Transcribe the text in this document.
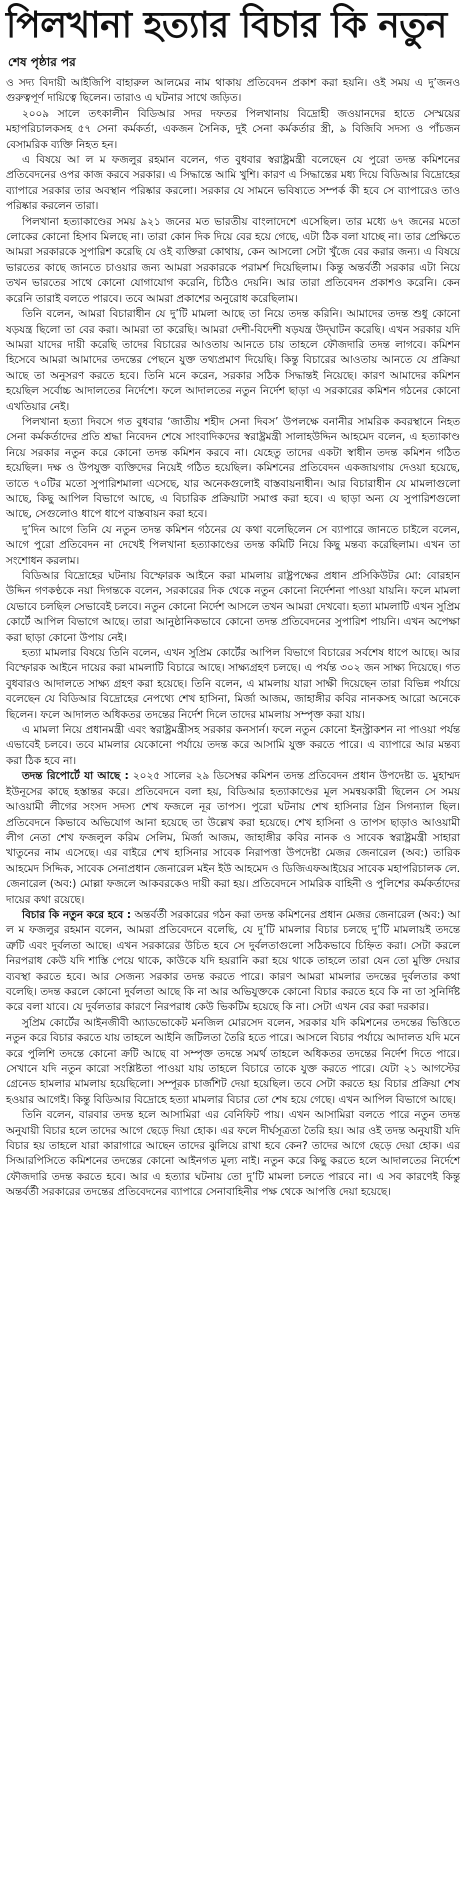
পিলখানা হত্যার বিচার কি নতুন
শেষ পৃষ্ঠার পর

ও সদ্য বিদায়ী আইজিপি বাহারুল আলমের নাম থাকায় প্রতিবেদন প্রকাশ করা হয়নি। ওই সময় এ দু’জনও গুরুত্বপূর্ণ দায়িত্বে ছিলেন। তারাও এ ঘটনার সাথে জড়িত।

২০০৯ সালে তৎকালীন বিডিআর সদর দফতর পিলখানায় বিদ্রোহী জওয়ানদের হাতে সেস্ময়ের মহাপরিচালকসহ ৫৭ সেনা কর্মকর্তা, একজন সৈনিক, দুই সেনা কর্মকর্তার স্ত্রী, ৯ বিজিবি সদস্য ও পাঁচজন বেসামরিক ব্যক্তি নিহত হন।

এ বিষয়ে আ ল ম ফজলুর রহমান বলেন, গত বুধবার স্বরাষ্ট্রমন্ত্রী বলেছেন যে পুরো তদন্ত কমিশনের প্রতিবেদনের ওপর কাজ করবে সরকার। এ সিদ্ধান্তে আমি খুশি। কারণ এ সিদ্ধান্তের মধ্য দিয়ে বিডিআর বিদ্রোহের ব্যাপারে সরকার তার অবস্থান পরিষ্কার করলো। সরকার যে সামনে ভবিষ্যতে সম্পর্ক কী হবে সে ব্যাপারেও তাও পরিষ্কার করলেন তারা।

পিলখানা হত্যাকাণ্ডের সময় ৯২১ জনের মত ভারতীয় বাংলাদেশে এসেছিল। তার মধ্যে ৬৭ জনের মতো লোকের কোনো হিসাব মিলছে না। তারা কোন দিক দিয়ে বের হয়ে গেছে, এটা ঠিক বলা যাচ্ছে না। তার প্রেক্ষিতে আমরা সরকারকে সুপারিশ করেছি যে ওই ব্যক্তিরা কোথায়, কেন আসলো সেটা খুঁজে বের করার জন্য। এ বিষয়ে ভারতের কাছে জানতে চাওয়ার জন্য আমরা সরকারকে পরামর্শ দিয়েছিলাম। কিন্তু অন্তর্বর্তী সরকার এটা নিয়ে তখন ভারতের সাথে কোনো যোগাযোগ করেনি, চিঠিও দেয়নি। আর তারা প্রতিবেদন প্রকাশও করেনি। কেন করেনি তারাই বলতে পারবে। তবে আমরা প্রকাশের অনুরোধ করেছিলাম।

তিনি বলেন, আমরা বিচারাধীন যে দু’টি মামলা আছে তা নিয়ে তদন্ত করিনি। আমাদের তদন্ত শুধু কোনো ষড়যন্ত্র ছিলো তা বের করা। আমরা তা করেছি। আমরা দেশী-বিদেশী ষড়যন্ত্র উদ্‌ঘাটন করেছি। এখন সরকার যদি আমরা যাদের দায়ী করেছি তাদের বিচারের আওতায় আনতে চায় তাহলে ফৌজদারি তদন্ত লাগবে। কমিশন হিসেবে আমরা আমাদের তদন্তের পেছনে যুক্ত তথ্যপ্রমাণ দিয়েছি। কিন্তু বিচারের আওতায় আনতে যে প্রক্রিয়া আছে তা অনুসরণ করতে হবে। তিনি মনে করেন, সরকার সঠিক সিদ্ধান্তই নিয়েছে। কারণ আমাদের কমিশন হয়েছিল সর্বোচ্চ আদালতের নির্দেশে। ফলে আদালতের নতুন নির্দেশ ছাড়া এ সরকারের কমিশন গঠনের কোনো এখতিয়ার নেই।

পিলখানা হত্যা দিবসে গত বুধবার ‘জাতীয় শহীদ সেনা দিবস’ উপলক্ষে বনানীর সামরিক কবরস্থানে নিহত সেনা কর্মকর্তাদের প্রতি শ্রদ্ধা নিবেদন শেষে সাংবাদিকদের স্বরাষ্ট্রমন্ত্রী সালাহউদ্দিন আহমেদ বলেন, এ হত্যাকাণ্ড নিয়ে সরকার নতুন করে কোনো তদন্ত কমিশন করবে না। যেহেতু তাদের একটা স্বাধীন তদন্ত কমিশন গঠিত হয়েছিল। দক্ষ ও উপযুক্ত ব্যক্তিদের নিয়েই গঠিত হয়েছিল। কমিশনের প্রতিবেদন একজায়গায় দেওয়া হয়েছে, তাতে ৭০টির মতো সুপারিশমালা এসেছে, যার অনেকগুলোই বাস্তবায়নাধীন। আর বিচারাধীন যে মামলাগুলো আছে, কিছু আপিল বিভাগে আছে, এ বিচারিক প্রক্রিয়াটা সমাপ্ত করা হবে। এ ছাড়া অন্য যে সুপারিশগুলো আছে, সেগুলোও ধাপে ধাপে বাস্তবায়ন করা হবে।

দু’দিন আগে তিনি যে নতুন তদন্ত কমিশন গঠনের যে কথা বলেছিলেন সে ব্যাপারে জানতে চাইলে বলেন, আগে পুরো প্রতিবেদন না দেখেই পিলখানা হত্যাকাণ্ডের তদন্ত কমিটি নিয়ে কিছু মন্তব্য করেছিলাম। এখন তা সংশোধন করলাম।

বিডিআর বিদ্রোহের ঘটনায় বিস্ফোরক আইনে করা মামলায় রাষ্ট্রপক্ষের প্রধান প্রসিকিউটর মো: বোরহান উদ্দিন গণকণ্ঠকে নয়া দিগন্তকে বলেন, সরকারের দিক থেকে নতুন কোনো নির্দেশনা পাওয়া যায়নি। ফলে মামলা যেভাবে চলছিল সেভাবেই চলবে। নতুন কোনো নির্দেশ আসলে তখন আমরা দেখবো। হত্যা মামলাটি এখন সুপ্রিম কোর্টে আপিল বিভাগে আছে। তারা আনুষ্ঠানিকভাবে কোনো তদন্ত প্রতিবেদনের সুপারিশ পায়নি। এখন অপেক্ষা করা ছাড়া কোনো উপায় নেই।

হত্যা মামলার বিষয়ে তিনি বলেন, এখন সুপ্রিম কোর্টের আপিল বিভাগে বিচারের সর্বশেষ ধাপে আছে। আর বিস্ফোরক আইনে দায়ের করা মামলাটি বিচারে আছে। সাক্ষ্যগ্রহণ চলছে। এ পর্যন্ত ৩০২ জন সাক্ষ্য দিয়েছে। গত বুধবারও আদালতে সাক্ষ্য গ্রহণ করা হয়েছে। তিনি বলেন, এ মামলায় যারা সাক্ষী দিয়েছেন তারা বিভিন্ন পর্যায়ে বলেছেন যে বিডিআর বিদ্রোহের নেপথ্যে শেখ হাসিনা, মির্জা আজম, জাহাঙ্গীর কবির নানকসহ আরো অনেকে ছিলেন। ফলে আদালত অধিকতর তদন্তের নির্দেশ দিলে তাদের মামলায় সম্পৃক্ত করা যায়।

এ মামলা নিয়ে প্রধানমন্ত্রী এবং স্বরাষ্ট্রমন্ত্রীসহ সরকার কনসার্ন। ফলে নতুন কোনো ইনস্ট্রাকশন না পাওয়া পর্যন্ত এভাবেই চলবে। তবে মামলার যেকোনো পর্যায়ে তদন্ত করে আসামি যুক্ত করতে পারে। এ ব্যাপারে আর মন্তব্য করা ঠিক হবে না।

তদন্ত রিপোর্টে যা আছে : ২০২৫ সালের ২৯ ডিসেম্বর কমিশন তদন্ত প্রতিবেদন প্রধান উপদেষ্টা ড. মুহাম্মদ ইউনূসের কাছে হস্তান্তর করে। প্রতিবেদনে বলা হয়, বিডিআর হত্যাকাণ্ডের মূল সমন্বয়কারী ছিলেন সে সময় আওয়ামী লীগের সংসদ সদস্য শেখ ফজলে নূর তাপস। পুরো ঘটনায় শেখ হাসিনার গ্রিন সিগন্যাল ছিল। প্রতিবেদনে কিভাবে অভিযোগ আনা হয়েছে তা উল্লেখ করা হয়েছে। শেখ হাসিনা ও তাপস ছাড়াও আওয়ামী লীগ নেতা শেখ ফজলুল করিম সেলিম, মির্জা আজম, জাহাঙ্গীর কবির নানক ও সাবেক স্বরাষ্ট্রমন্ত্রী সাহারা খাতুনের নাম এসেছে। এর বাইরে শেখ হাসিনার সাবেক নিরাপত্তা উপদেষ্টা মেজর জেনারেল (অব:) তারিক আহমেদ সিদ্দিক, সাবেক সেনাপ্রধান জেনারেল মইন ইউ আহমেদ ও ডিজিএফআইয়ের সাবেক মহাপরিচালক লে. জেনারেল (অব:) মোল্লা ফজলে আকবরকেও দায়ী করা হয়। প্রতিবেদনে সামরিক বাহিনী ও পুলিশের কর্মকর্তাদের দায়ের কথা রয়েছে।

বিচার কি নতুন করে হবে : অন্তর্বর্তী সরকারের গঠন করা তদন্ত কমিশনের প্রধান মেজর জেনারেল (অব:) আ ল ম ফজলুর রহমান বলেন, আমরা প্রতিবেদনে বলেছি, যে দু’টি মামলার বিচার চলছে দু’টি মামলায়ই তদন্তে ত্রুটি এবং দুর্বলতা আছে। এখন সরকারের উচিত হবে সে দুর্বলতাগুলো সঠিকভাবে চিহ্নিত করা। সেটা করলে নিরপরাধ কেউ যদি শাস্তি পেয়ে থাকে, কাউকে যদি হয়রানি করা হয়ে থাকে তাহলে তারা যেন তো মুক্তি দেয়ার ব্যবস্থা করতে হবে। আর সেজন্য সরকার তদন্ত করতে পারে। কারণ আমরা মামলার তদন্তের দুর্বলতার কথা বলেছি। তদন্ত করলে কোনো দুর্বলতা আছে কি না আর অভিযুক্তকে কোনো বিচার করতে হবে কি না তা সুনির্দিষ্ট করে বলা যাবে। যে দুর্বলতার কারণে নিরপরাধ কেউ ভিকটিম হয়েছে কি না। সেটা এখন বের করা দরকার।

সুপ্রিম কোর্টের আইনজীবী অ্যাডভোকেট মনজিল মোরসেদ বলেন, সরকার যদি কমিশনের তদন্তের ভিত্তিতে নতুন করে বিচার করতে যায় তাহলে আইনি জটিলতা তৈরি হতে পারে। আসলে বিচার পর্যায়ে আদালত যদি মনে করে পুলিশি তদন্তে কোনো ক্রটি আছে বা সম্পৃক্ত তদন্তে সমর্থ তাহলে অধিকতর তদন্তের নির্দেশ দিতে পারে। সেখানে যদি নতুন কারো সংশ্লিষ্টতা পাওয়া যায় তাহলে বিচারে তাকে যুক্ত করতে পারে। যেটা ২১ আগস্টের গ্রেনেড হামলার মামলায় হয়েছিলো। সম্পূরক চার্জশিট দেয়া হয়েছিল। তবে সেটা করতে হয় বিচার প্রক্রিয়া শেষ হওয়ার আগেই। কিন্তু বিডিআর বিদ্রোহে হত্যা মামলার বিচার তো শেষ হয়ে গেছে। এখন আপিল বিভাগে আছে।

তিনি বলেন, বারবার তদন্ত হলে আসামিরা এর বেনিফিট পায়। এখন আসামিরা বলতে পারে নতুন তদন্ত অনুযায়ী বিচার হলে তাদের আগে ছেড়ে দিয়া হোক। এর ফলে দীর্ঘসূত্রতা তৈরি হয়। আর ওই তদন্ত অনুযায়ী যদি বিচার হয় তাহলে যারা কারাগারে আছেন তাদের ঝুলিয়ে রাখা হবে কেন? তাদের আগে ছেড়ে দেয়া হোক। এর সিআরপিসিতে কমিশনের তদন্তের কোনো আইনগত মূল্য নাই। নতুন করে কিছু করতে হলে আদালতের নির্দেশে ফৌজদারি তদন্ত করতে হবে। আর এ হত্যার ঘটনায় তো দু’টি মামলা চলতে পারবে না। এ সব কারণেই কিন্তু অন্তর্বর্তী সরকারের তদন্তের প্রতিবেদনের ব্যাপারে সেনাবাহিনীর পক্ষ থেকে আপত্তি দেয়া হয়েছে।
